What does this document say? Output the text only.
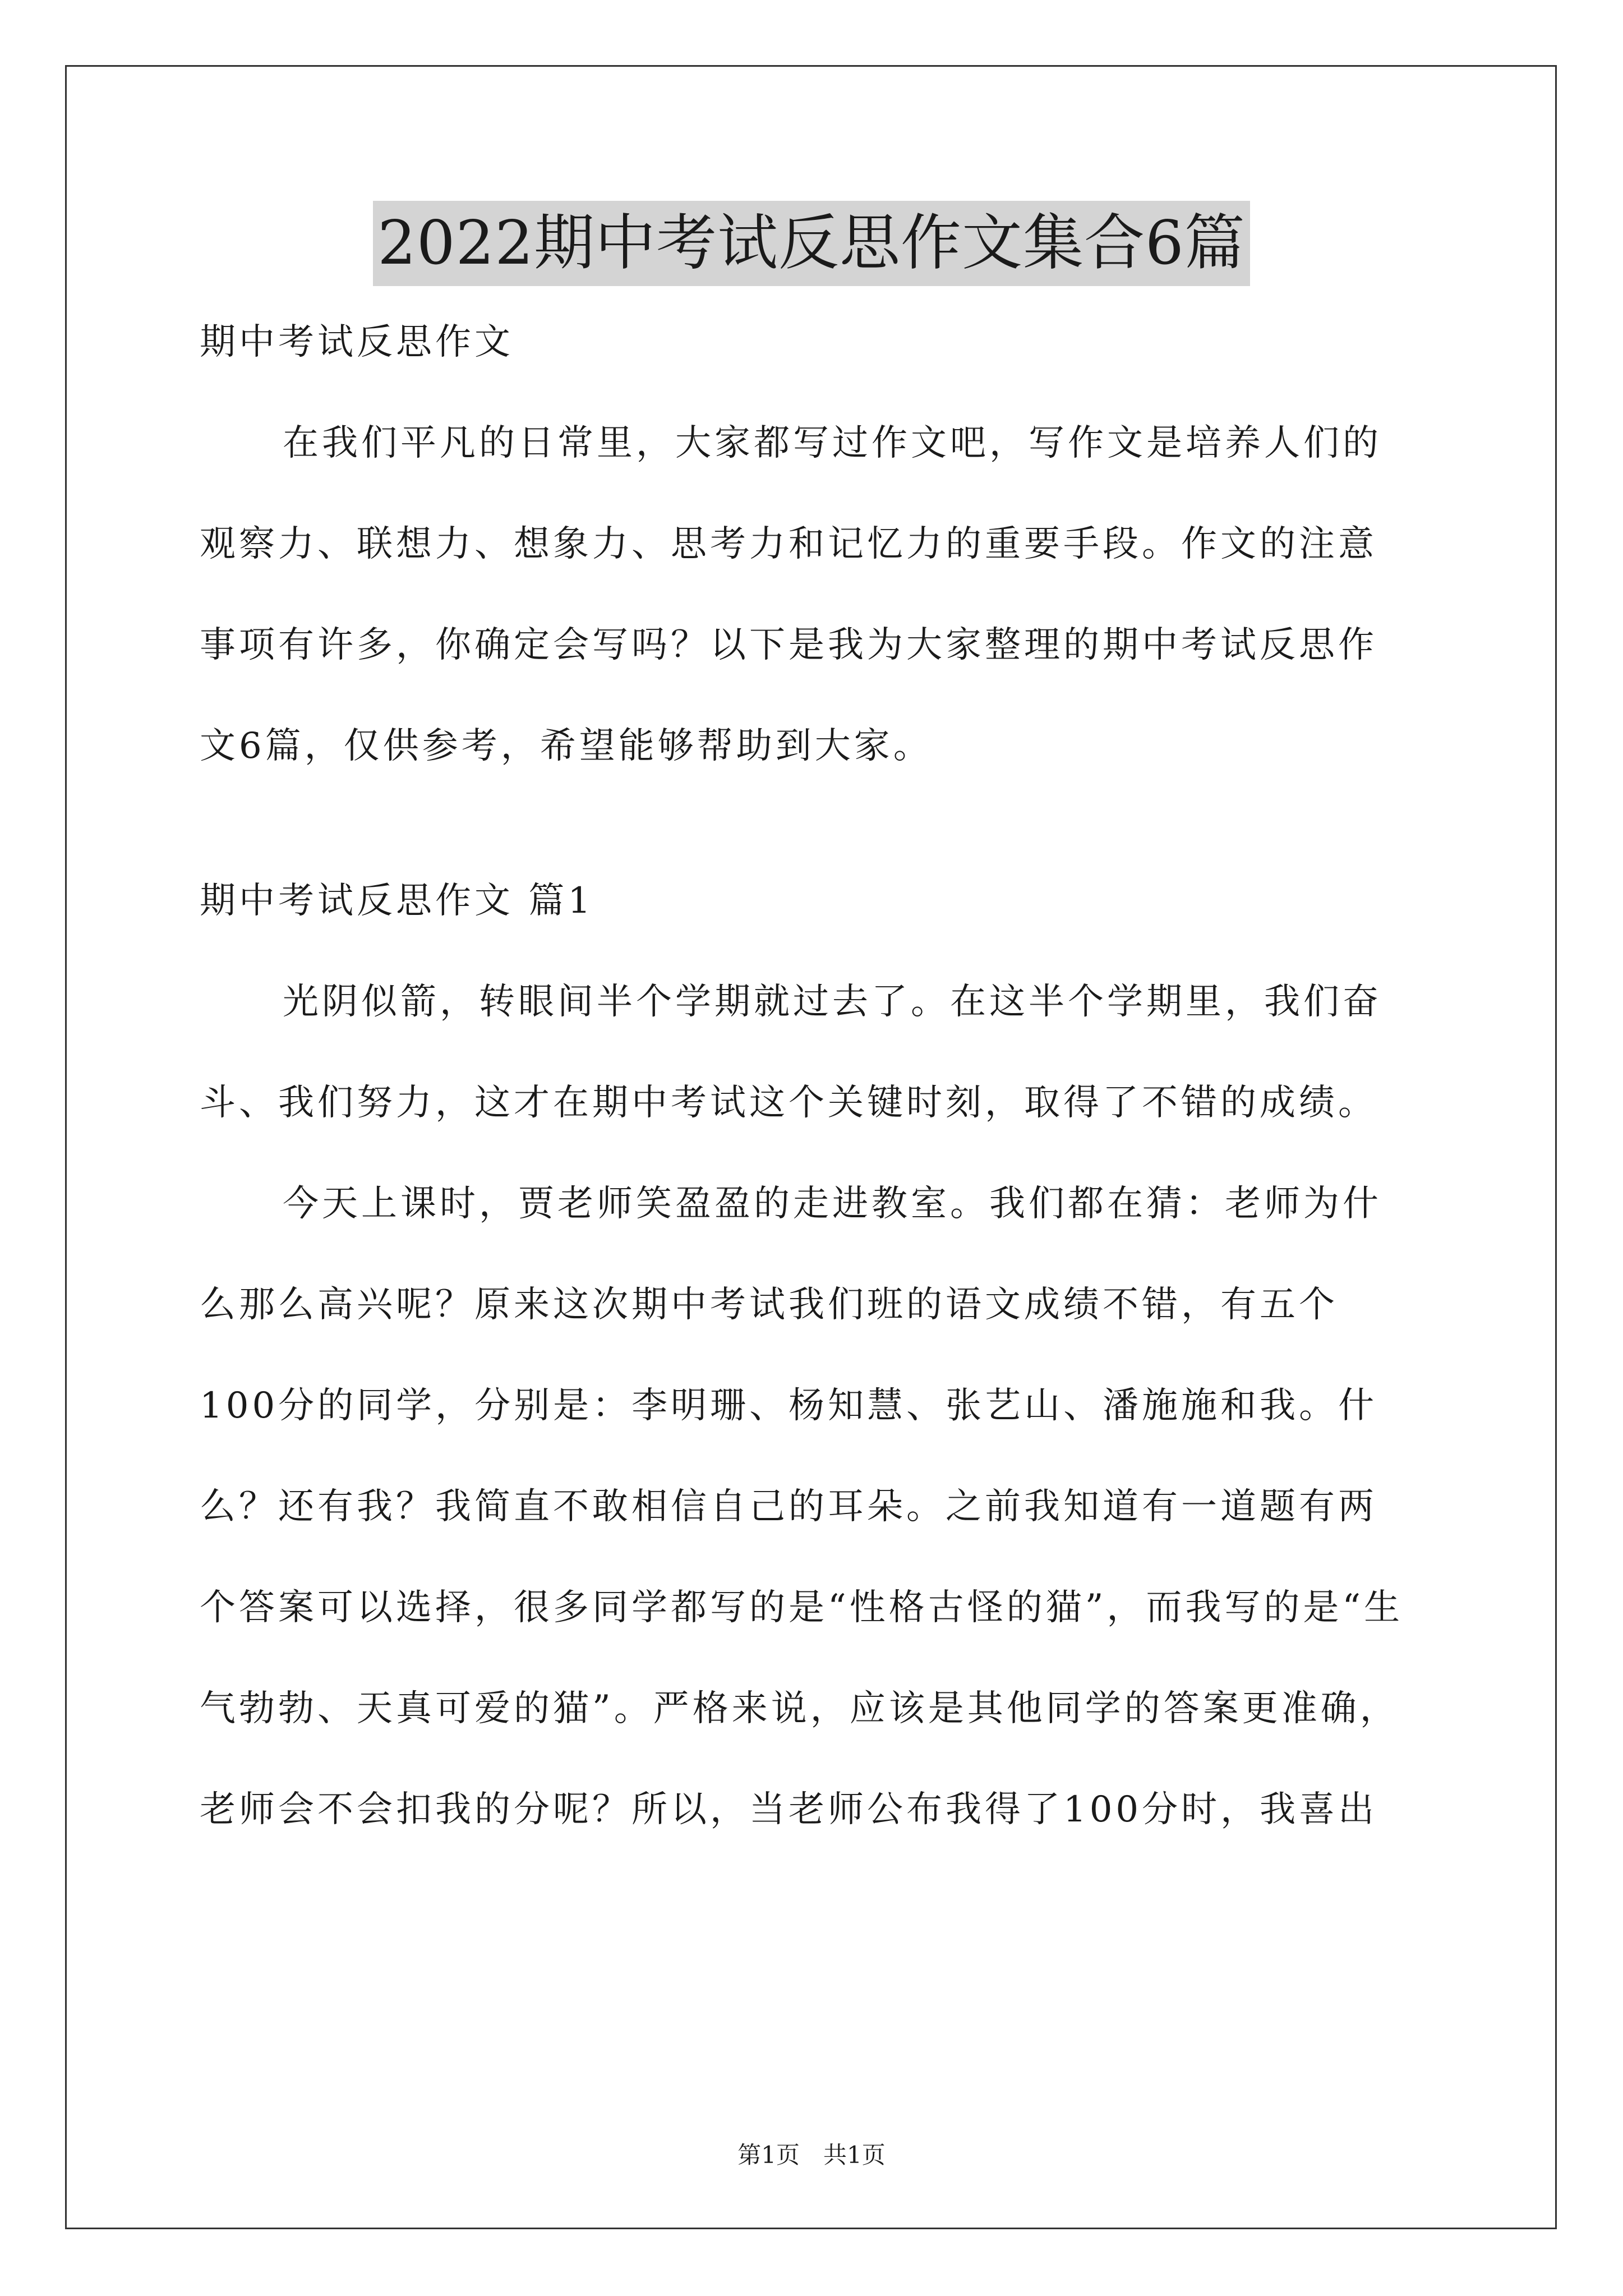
2022期中考试反思作文集合6篇
期中考试反思作文
在我们平凡的日常里，大家都写过作文吧，写作文是培养人们的
观察力、联想力、想象力、思考力和记忆力的重要手段。作文的注意
事项有许多，你确定会写吗？以下是我为大家整理的期中考试反思作
文6篇，仅供参考，希望能够帮助到大家。
期中考试反思作文 篇1
光阴似箭，转眼间半个学期就过去了。在这半个学期里，我们奋
斗、我们努力，这才在期中考试这个关键时刻，取得了不错的成绩。
今天上课时，贾老师笑盈盈的走进教室。我们都在猜：老师为什
么那么高兴呢？原来这次期中考试我们班的语文成绩不错，有五个
100分的同学，分别是：李明珊、杨知慧、张艺山、潘施施和我。什
么？还有我？我简直不敢相信自己的耳朵。之前我知道有一道题有两
个答案可以选择，很多同学都写的是“性格古怪的猫”，而我写的是“生
气勃勃、天真可爱的猫”。严格来说，应该是其他同学的答案更准确，
老师会不会扣我的分呢？所以，当老师公布我得了100分时，我喜出
第1页　共1页
